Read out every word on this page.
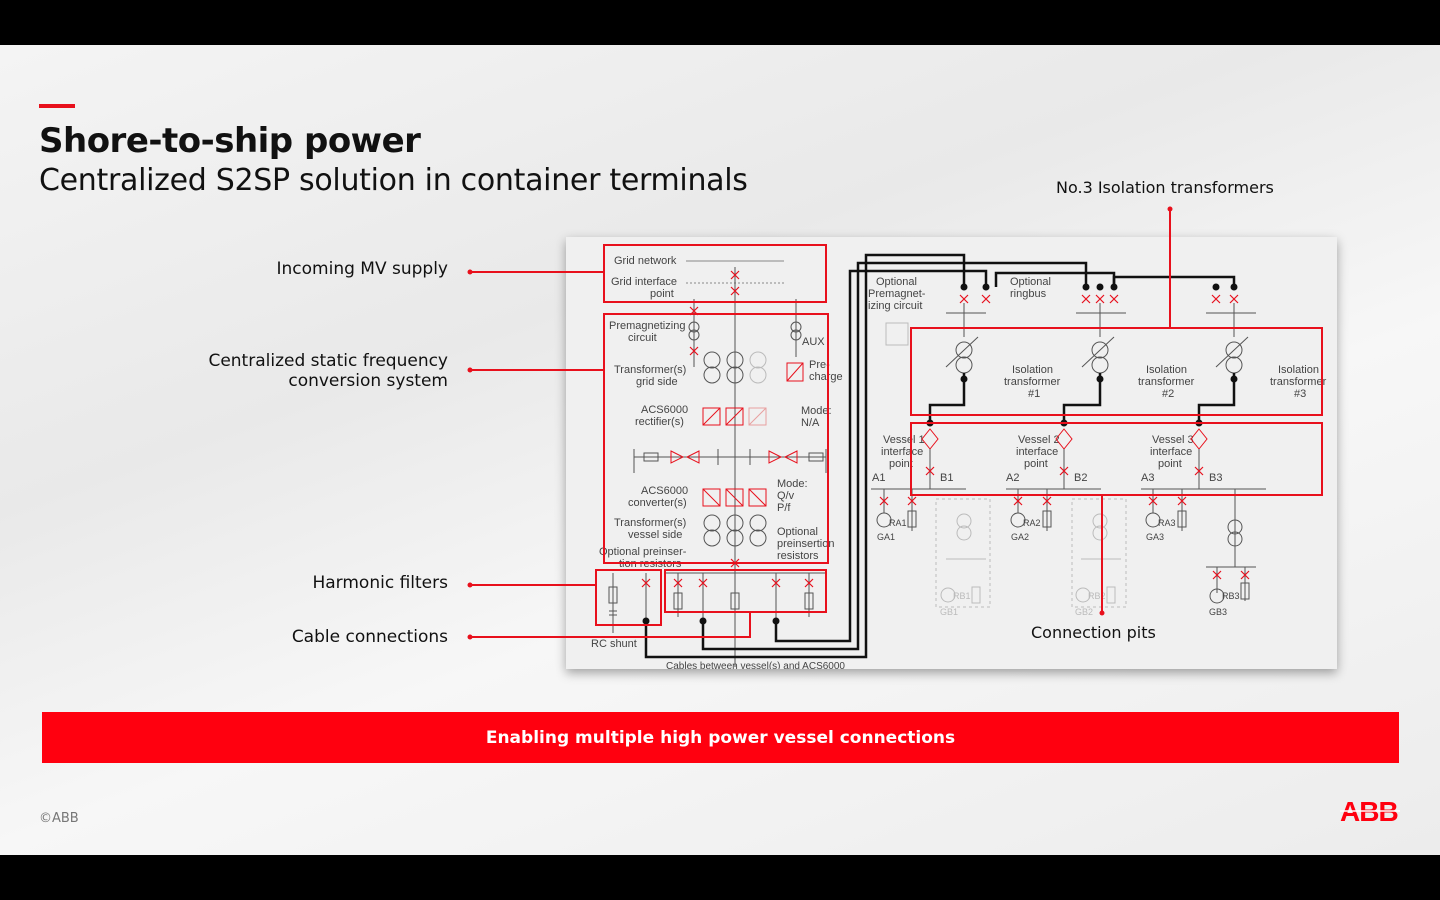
Shore-to-ship power
Centralized S2SP solution in container terminals
Incoming MV supply
Centralized static frequency
conversion system
Harmonic filters
Cable connections
No.3 Isolation transformers
Grid network
Grid interface
point
Premagnetizing
circuit	AUX
Transformer(s)
grid side
Pre-
charge
ACS6000
rectifier(s)
Mode:
N/A
ACS6000
converter(s)
Mode:
Q/v
P/f
Transformer(s)
vessel side	Optional
preinsertion
resistors
Optional preinser-
tion resistors
RC shunt
Cables between vessel(s) and ACS6000
Optional
Premagnet-
izing circuit
Optional
ringbus
Isolation
transformer
#1
Isolation
transformer
#2
Isolation
transformer
#3
Vessel 1
interface
point
Vessel 2
interface
point
Vessel 3
interface
point
A1	B1	A2	B2	A3	B3
RA1
GA1
RA2
GA2
RA3
GA3
RB1
GB1
RB2
GB2
RB3
GB3
Connection pits
Enabling multiple high power vessel connections
©ABB	ABB
